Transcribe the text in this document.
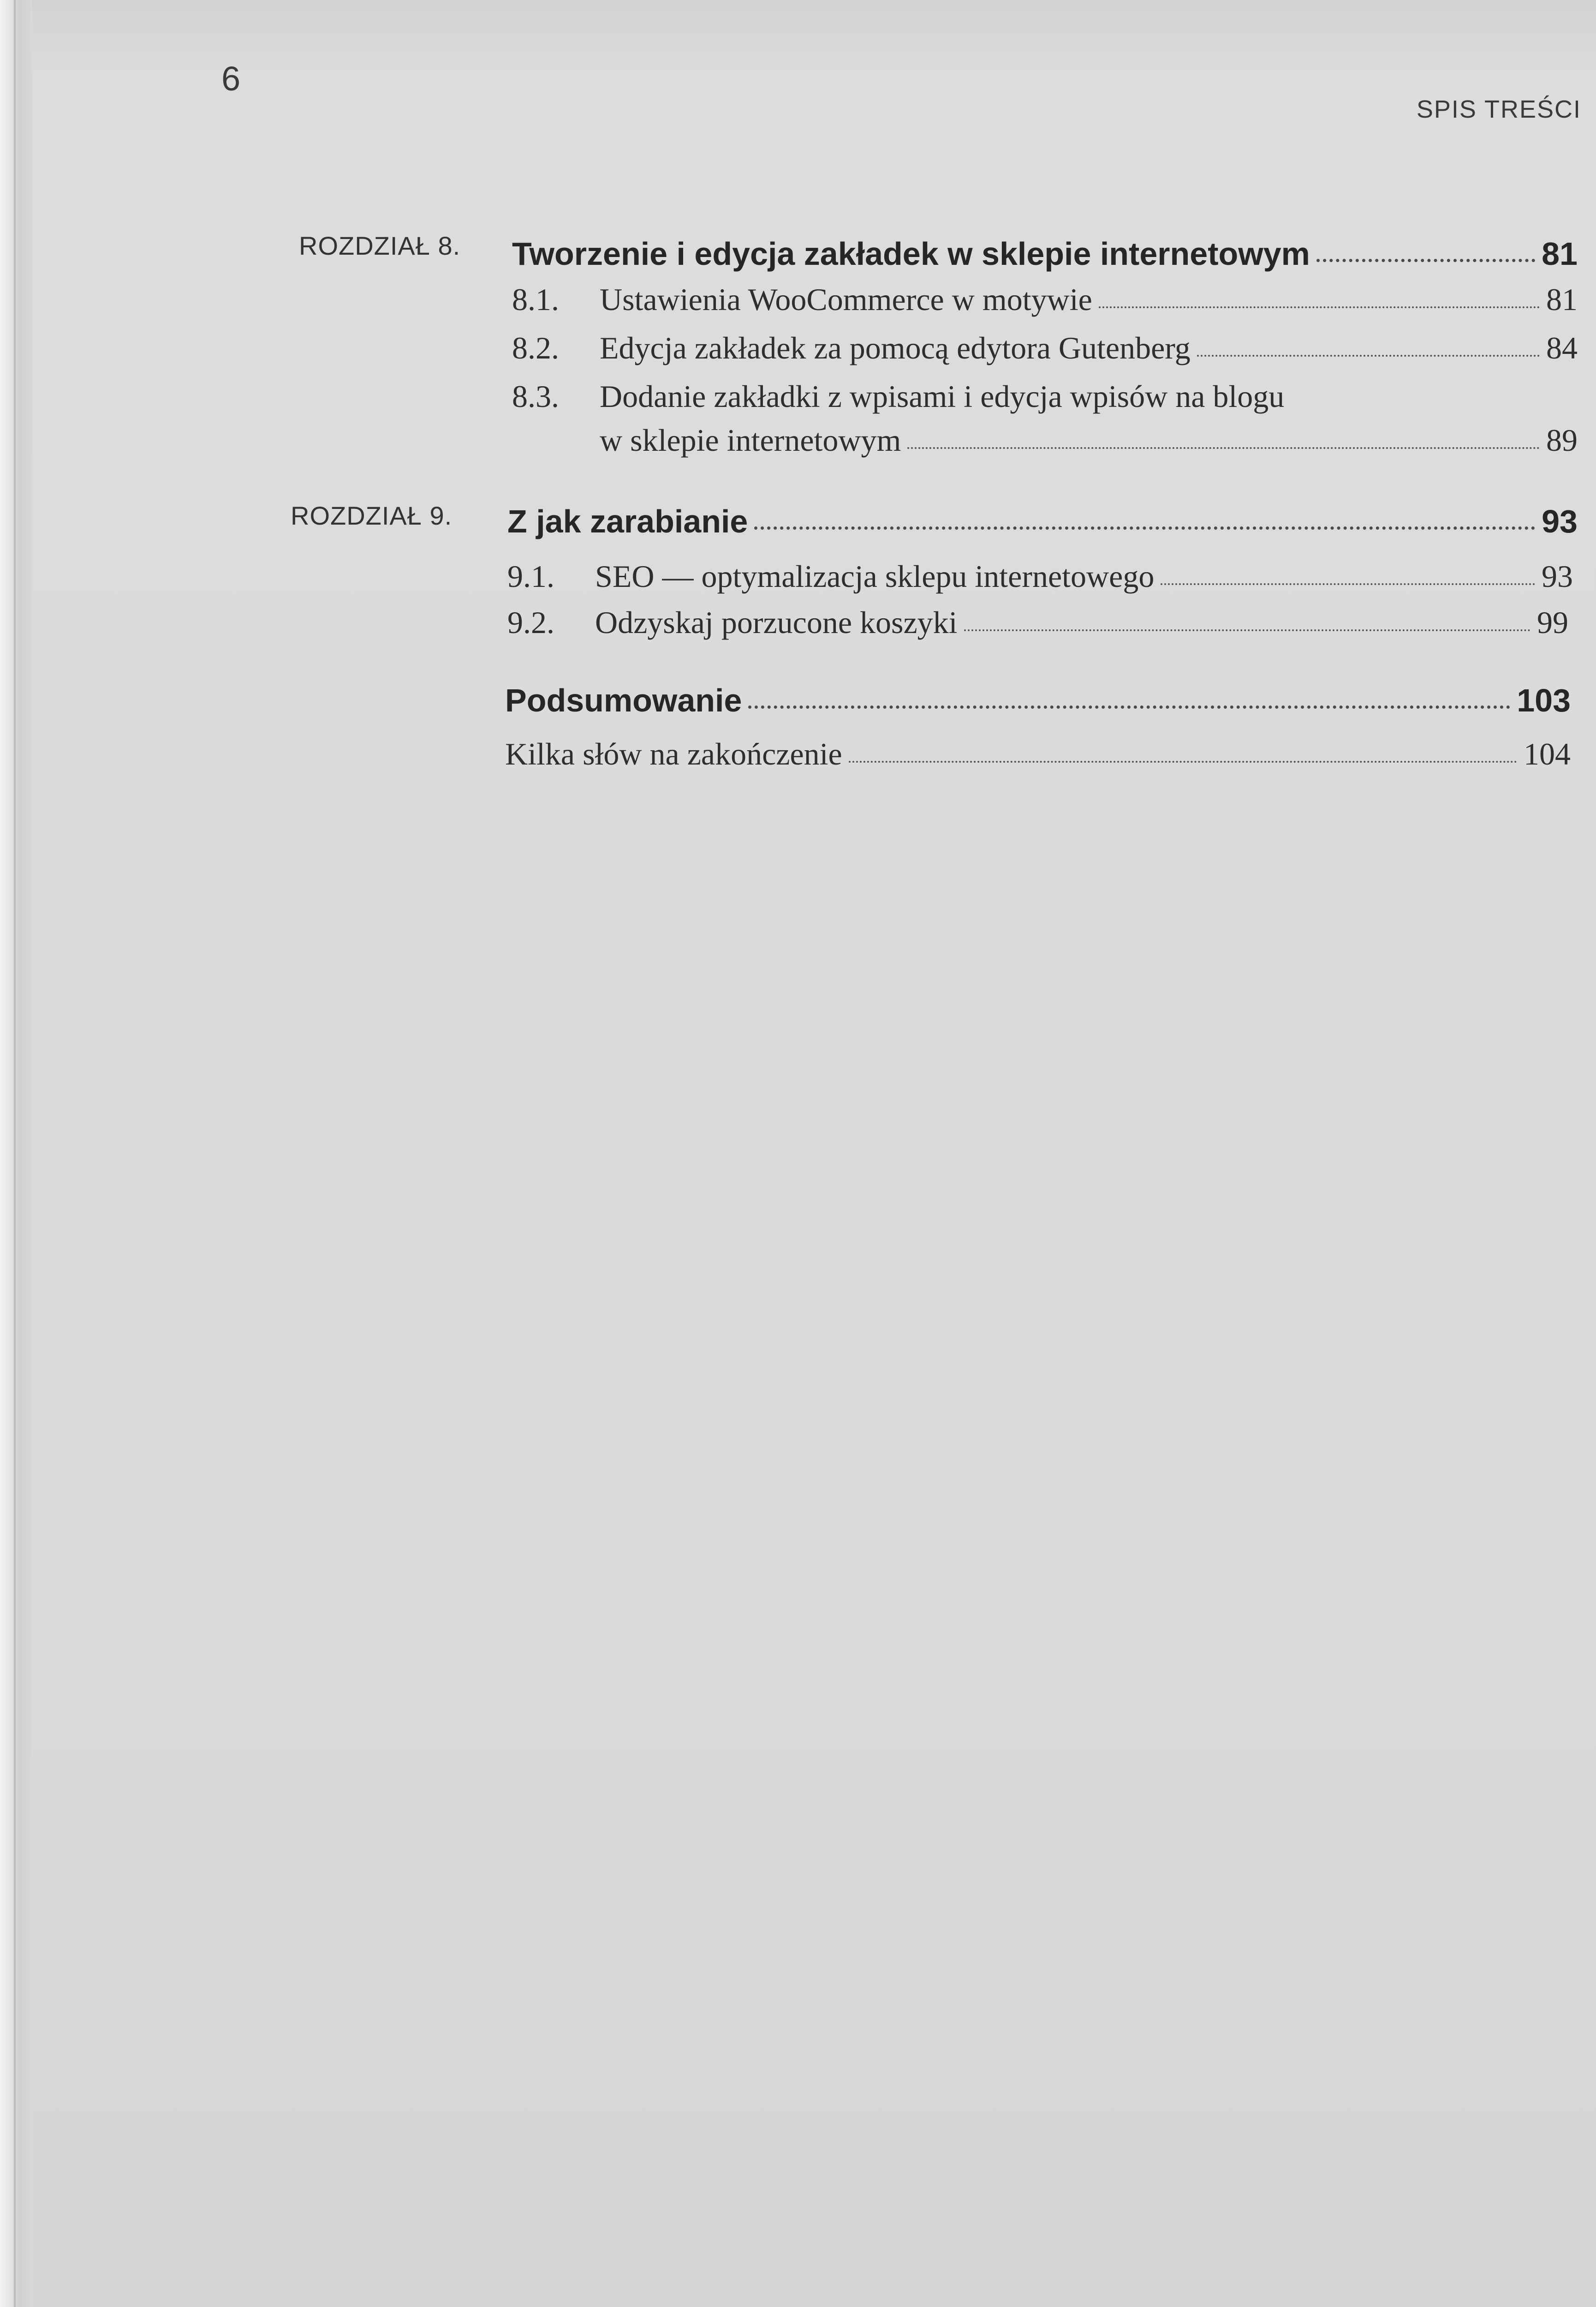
6
SPIS TREŚCI
ROZDZIAŁ 8. Tworzenie i edycja zakładek w sklepie internetowym	81
8.1.	Ustawienia WooCommerce w motywie	81
8.2.	Edycja zakładek za pomocą edytora Gutenberg	84
8.3.	Dodanie zakładki z wpisami i edycja wpisów na blogu
w sklepie internetowym	89
ROZDZIAŁ 9. Z jak zarabianie	93
9.1.	SEO — optymalizacja sklepu internetowego	93
9.2.	Odzyskaj porzucone koszyki	99
Podsumowanie	103
Kilka słów na zakończenie	104
